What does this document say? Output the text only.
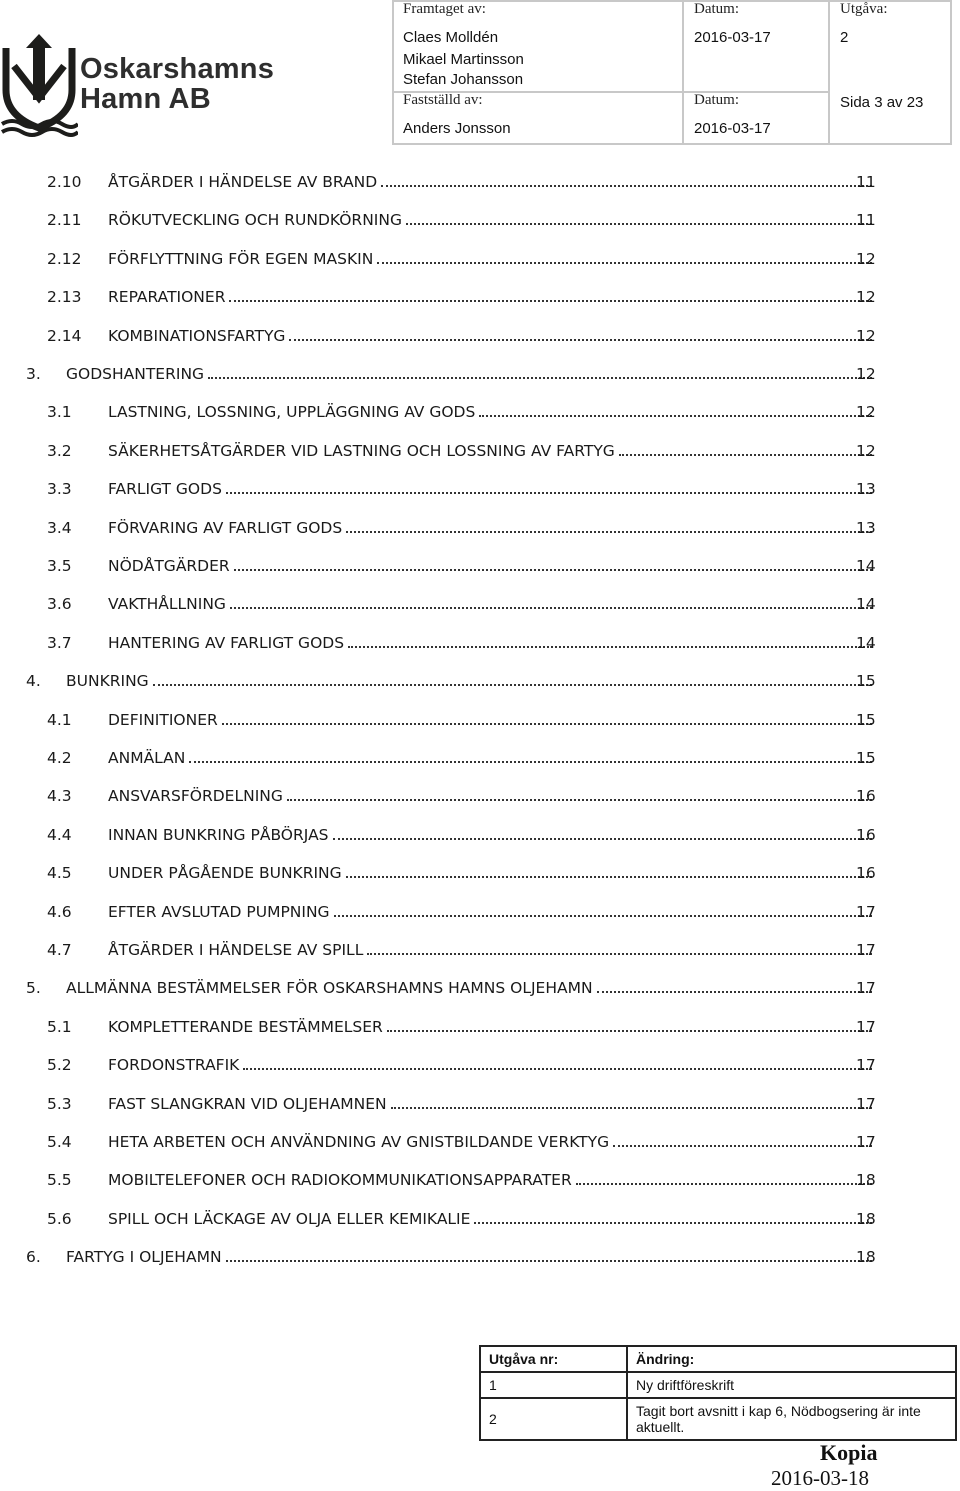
Oskarshamns
Hamn AB
Framtaget av:
Claes Molldén
Mikael Martinsson
Stefan Johansson
Datum:
2016-03-17
Utgåva:
2
Fastställd av:
Anders Jonsson
Datum:
2016-03-17
Sida 3 av 23
2.10 ÅTGÄRDER I HÄNDELSE AV BRAND	11
2.11 RÖKUTVECKLING OCH RUNDKÖRNING	11
2.12 FÖRFLYTTNING FÖR EGEN MASKIN	12
2.13 REPARATIONER	12
2.14 KOMBINATIONSFARTYG	12
3. GODSHANTERING	12
3.1 LASTNING, LOSSNING, UPPLÄGGNING AV GODS	12
3.2 SÄKERHETSÅTGÄRDER VID LASTNING OCH LOSSNING AV FARTYG	12
3.3 FARLIGT GODS	13
3.4 FÖRVARING AV FARLIGT GODS	13
3.5 NÖDÅTGÄRDER	14
3.6 VAKTHÅLLNING	14
3.7 HANTERING AV FARLIGT GODS	14
4. BUNKRING	15
4.1 DEFINITIONER	15
4.2 ANMÄLAN	15
4.3 ANSVARSFÖRDELNING	16
4.4 INNAN BUNKRING PÅBÖRJAS	16
4.5 UNDER PÅGÅENDE BUNKRING	16
4.6 EFTER AVSLUTAD PUMPNING	17
4.7 ÅTGÄRDER I HÄNDELSE AV SPILL	17
5. ALLMÄNNA BESTÄMMELSER FÖR OSKARSHAMNS HAMNS OLJEHAMN	17
5.1 KOMPLETTERANDE BESTÄMMELSER	17
5.2 FORDONSTRAFIK	17
5.3 FAST SLANGKRAN VID OLJEHAMNEN	17
5.4 HETA ARBETEN OCH ANVÄNDNING AV GNISTBILDANDE VERKTYG	17
5.5 MOBILTELEFONER OCH RADIOKOMMUNIKATIONSAPPARATER	18
5.6 SPILL OCH LÄCKAGE AV OLJA ELLER KEMIKALIE	18
6. FARTYG I OLJEHAMN	18
Utgåva nr:	Ändring:
1	Ny driftföreskrift
2	Tagit bort avsnitt i kap 6, Nödbogsering är inte aktuellt.
Kopia
2016-03-18
